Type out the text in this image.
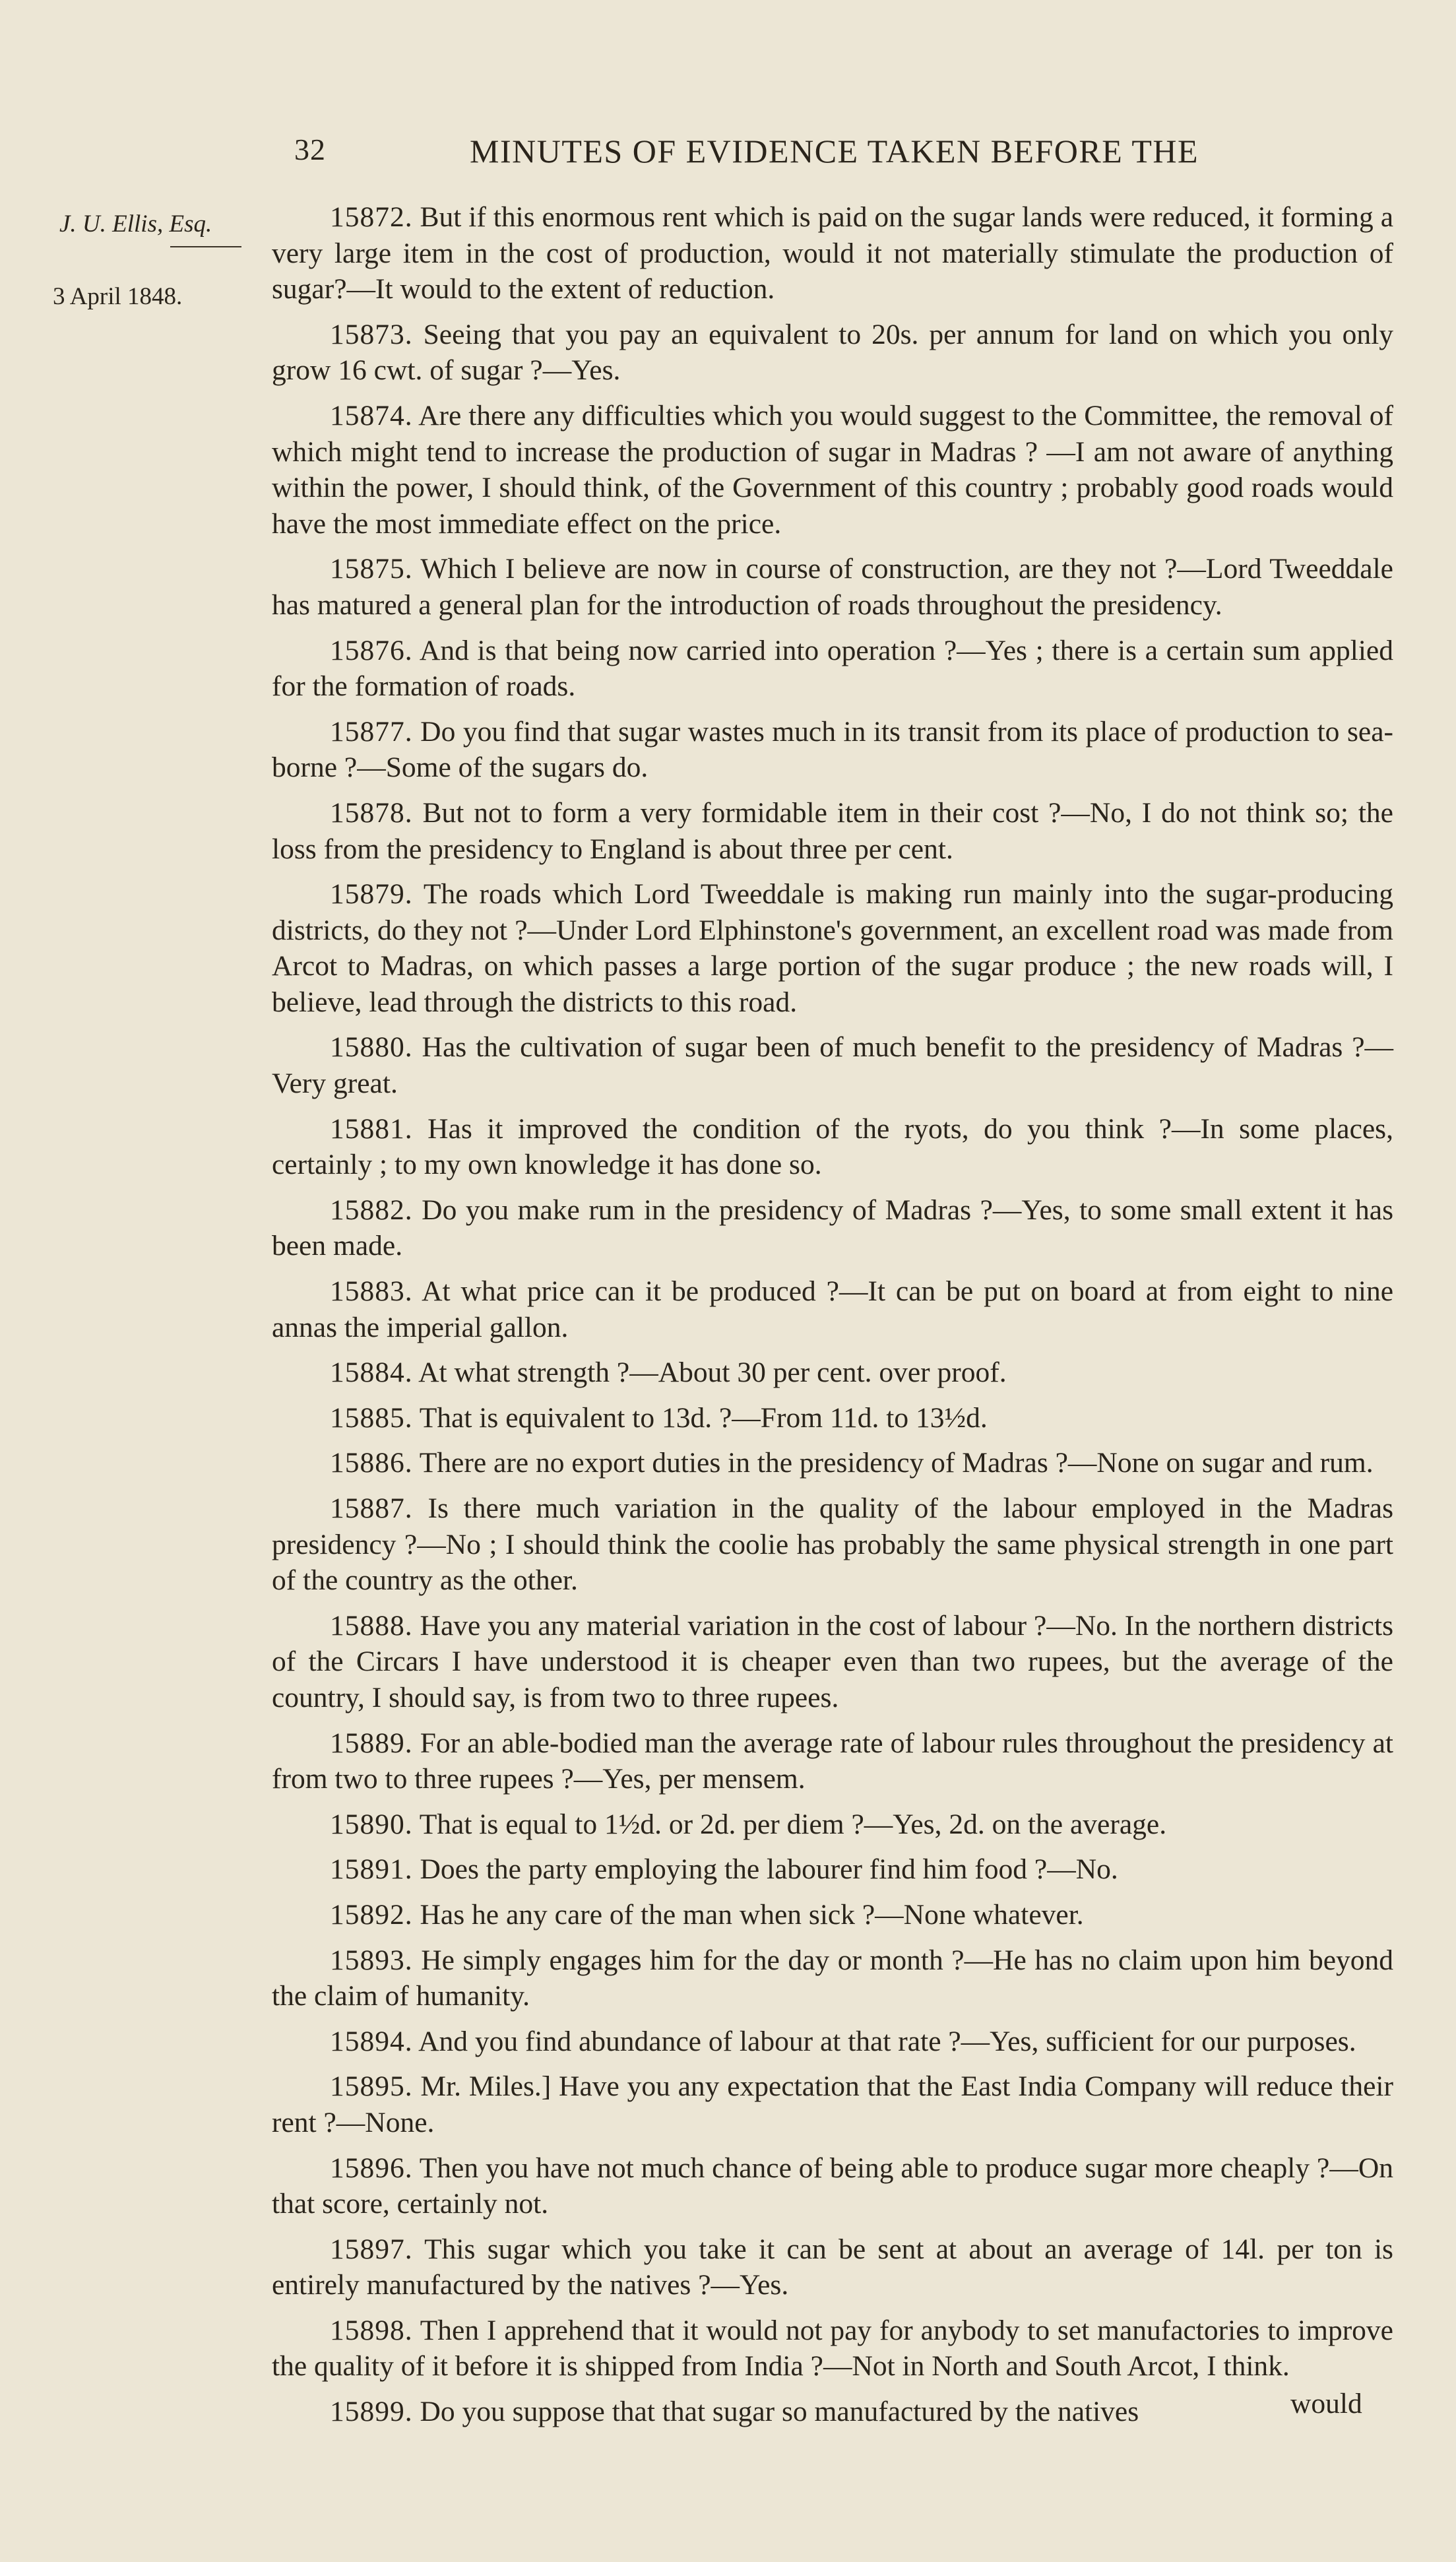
32	MINUTES OF EVIDENCE TAKEN BEFORE THE
J. U. Ellis, Esq.
3 April 1848.

15872. But if this enormous rent which is paid on the sugar lands were reduced, it forming a very large item in the cost of production, would it not materially stimulate the production of sugar?—It would to the extent of reduction.

15873. Seeing that you pay an equivalent to 20s. per annum for land on which you only grow 16 cwt. of sugar ?—Yes.

15874. Are there any difficulties which you would suggest to the Committee, the removal of which might tend to increase the production of sugar in Madras ? —I am not aware of anything within the power, I should think, of the Government of this country ; probably good roads would have the most immediate effect on the price.

15875. Which I believe are now in course of construction, are they not ?—Lord Tweeddale has matured a general plan for the introduction of roads throughout the presidency.

15876. And is that being now carried into operation ?—Yes ; there is a certain sum applied for the formation of roads.

15877. Do you find that sugar wastes much in its transit from its place of production to sea-borne ?—Some of the sugars do.

15878. But not to form a very formidable item in their cost ?—No, I do not think so; the loss from the presidency to England is about three per cent.

15879. The roads which Lord Tweeddale is making run mainly into the sugar-producing districts, do they not ?—Under Lord Elphinstone's government, an excellent road was made from Arcot to Madras, on which passes a large portion of the sugar produce ; the new roads will, I believe, lead through the districts to this road.

15880. Has the cultivation of sugar been of much benefit to the presidency of Madras ?—Very great.

15881. Has it improved the condition of the ryots, do you think ?—In some places, certainly ; to my own knowledge it has done so.

15882. Do you make rum in the presidency of Madras ?—Yes, to some small extent it has been made.

15883. At what price can it be produced ?—It can be put on board at from eight to nine annas the imperial gallon.

15884. At what strength ?—About 30 per cent. over proof.

15885. That is equivalent to 13d. ?—From 11d. to 13½d.

15886. There are no export duties in the presidency of Madras ?—None on sugar and rum.

15887. Is there much variation in the quality of the labour employed in the Madras presidency ?—No ; I should think the coolie has probably the same physical strength in one part of the country as the other.

15888. Have you any material variation in the cost of labour ?—No. In the northern districts of the Circars I have understood it is cheaper even than two rupees, but the average of the country, I should say, is from two to three rupees.

15889. For an able-bodied man the average rate of labour rules throughout the presidency at from two to three rupees ?—Yes, per mensem.

15890. That is equal to 1½d. or 2d. per diem ?—Yes, 2d. on the average.

15891. Does the party employing the labourer find him food ?—No.

15892. Has he any care of the man when sick ?—None whatever.

15893. He simply engages him for the day or month ?—He has no claim upon him beyond the claim of humanity.

15894. And you find abundance of labour at that rate ?—Yes, sufficient for our purposes.

15895. Mr. Miles.] Have you any expectation that the East India Company will reduce their rent ?—None.

15896. Then you have not much chance of being able to produce sugar more cheaply ?—On that score, certainly not.

15897. This sugar which you take it can be sent at about an average of 14l. per ton is entirely manufactured by the natives ?—Yes.

15898. Then I apprehend that it would not pay for anybody to set manufactories to improve the quality of it before it is shipped from India ?—Not in North and South Arcot, I think.

15899. Do you suppose that that sugar so manufactured by the natives	would
